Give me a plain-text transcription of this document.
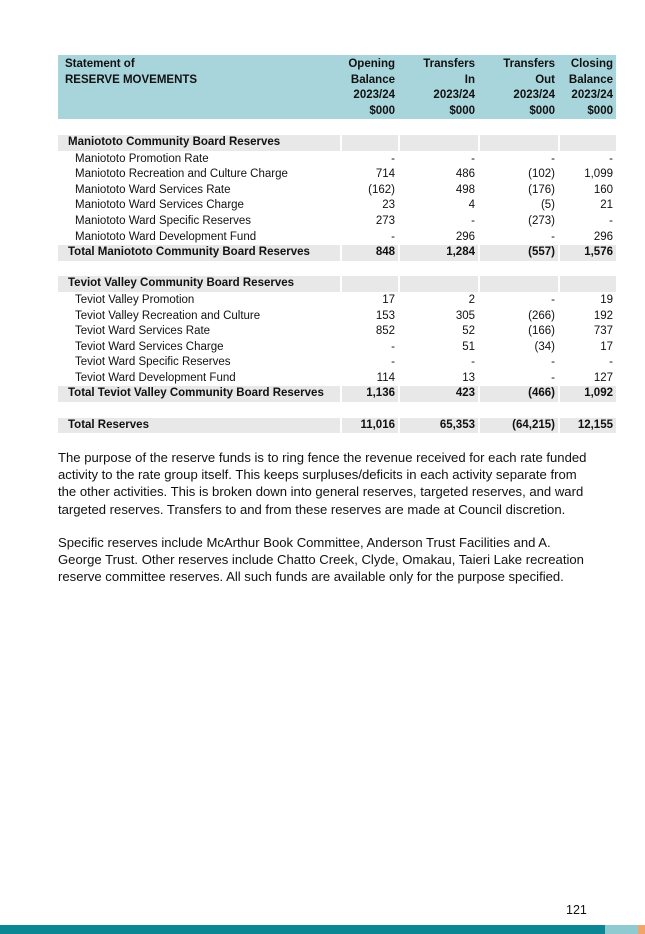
Statement of
RESERVE MOVEMENTS	Opening	Transfers	Transfers	Closing
	Balance	In	Out	Balance
	2023/24	2023/24	2023/24	2023/24
	$000	$000	$000	$000

Maniototo Community Board Reserves				
Maniototo Promotion Rate	-	-	-	-
Maniototo Recreation and Culture Charge	714	486	(102)	1,099
Maniototo Ward Services Rate	(162)	498	(176)	160
Maniototo Ward Services Charge	23	4	(5)	21
Maniototo Ward Specific Reserves	273	-	(273)	-
Maniototo Ward Development Fund	-	296	-	296
Total Maniototo Community Board Reserves	848	1,284	(557)	1,576

Teviot Valley Community Board Reserves				
Teviot Valley Promotion	17	2	-	19
Teviot Valley Recreation and Culture	153	305	(266)	192
Teviot Ward Services Rate	852	52	(166)	737
Teviot Ward Services Charge	-	51	(34)	17
Teviot Ward Specific Reserves	-	-	-	-
Teviot Ward Development Fund	114	13	-	127
Total Teviot Valley Community Board Reserves	1,136	423	(466)	1,092

Total Reserves	11,016	65,353	(64,215)	12,155

The purpose of the reserve funds is to ring fence the revenue received for each rate funded activity to the rate group itself. This keeps surpluses/deficits in each activity separate from the other activities. This is broken down into general reserves, targeted reserves, and ward targeted reserves. Transfers to and from these reserves are made at Council discretion.

Specific reserves include McArthur Book Committee, Anderson Trust Facilities and A. George Trust. Other reserves include Chatto Creek, Clyde, Omakau, Taieri Lake recreation reserve committee reserves. All such funds are available only for the purpose specified.

121
